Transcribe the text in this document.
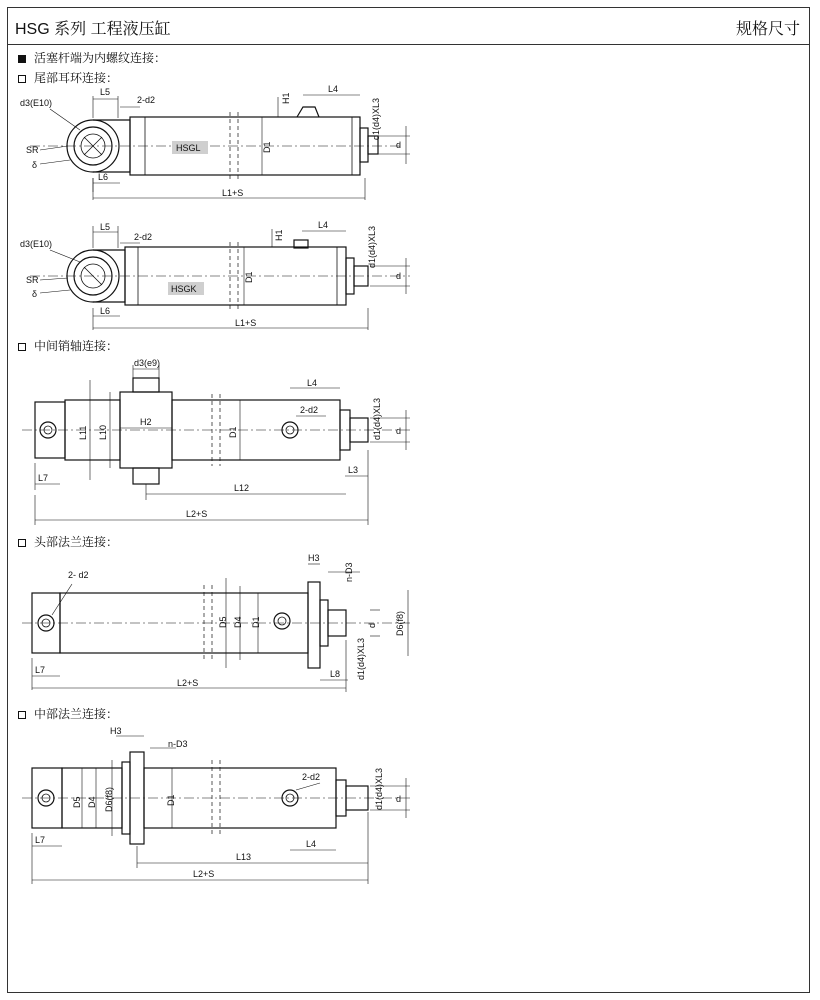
HSG 系列 工程液压缸	规格尺寸
活塞杆端为内螺纹连接：
尾部耳环连接：
中间销轴连接：
头部法兰连接：
中部法兰连接：
HSGL
L5
2-d2	H1
L4
D1
L6
L1+S
d3(E10)
SR
δ
d1(d4)XL3
d
HSGK
L5
2-d2	H1
L4
D1
L6
L1+S
d3(E10)
SR
δ
d1(d4)XL3
d
d3(e9)
L4
2-d2
L11 L10
H2
D1
L7
L3
L12
L2+S
d1(d4)XL3 d
H3
n-D3
2- d2
D5 D4 D1	d D6(f8)
d1(d4)XL3
L7	L8
L2+S
H3
n-D3
2-d2
D5 D4 D6(f8)	D1
L7	L4
L13
L2+S
d1(d4)XL3 d
